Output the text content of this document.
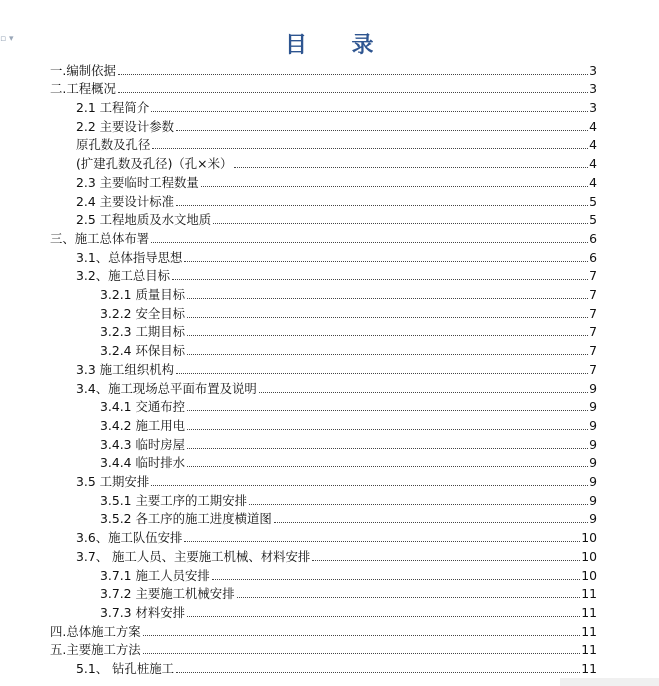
▫ ▾	目 录
一.编制依据	3
二.工程概况	3
2.1 工程简介	3
2.2 主要设计参数	4
原孔数及孔径	4
(扩建孔数及孔径)（孔×米）	4
2.3 主要临时工程数量	4
2.4 主要设计标准	5
2.5 工程地质及水文地质	5
三、施工总体布署	6
3.1、总体指导思想	6
3.2、施工总目标	7
3.2.1 质量目标	7
3.2.2 安全目标	7
3.2.3 工期目标	7
3.2.4 环保目标	7
3.3 施工组织机构	7
3.4、施工现场总平面布置及说明	9
3.4.1 交通布控	9
3.4.2 施工用电	9
3.4.3 临时房屋	9
3.4.4 临时排水	9
3.5 工期安排	9
3.5.1 主要工序的工期安排	9
3.5.2 各工序的施工进度横道图	9
3.6、施工队伍安排	10
3.7、 施工人员、主要施工机械、材料安排	10
3.7.1 施工人员安排	10
3.7.2 主要施工机械安排	11
3.7.3 材料安排	11
四.总体施工方案	11
五.主要施工方法	11
5.1、 钻孔桩施工	11
